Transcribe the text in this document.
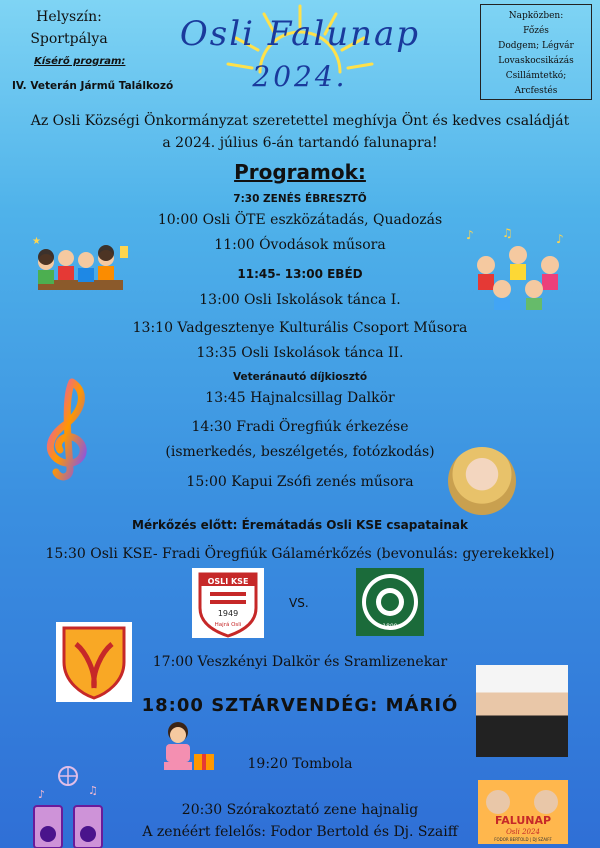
Helyszín:
Sportpálya
Kísérő program:
IV. Veterán Jármű Találkozó
Osli Falunap
2024.
Napközben:
Főzés
Dodgem; Légvár
Lovaskocsikázás
Csillámtetkó;
Arcfestés
Az Osli Községi Önkormányzat szeretettel meghívja Önt és kedves családját
a 2024. július 6-án tartandó falunapra!
Programok:
7:30 ZENÉS ÉBRESZTŐ
10:00 Osli ÖTE eszközátadás, Quadozás
11:00 Óvodások műsora
11:45- 13:00 EBÉD
13:00 Osli Iskolások tánca I.
13:10 Vadgesztenye Kulturális Csoport Műsora
13:35 Osli Iskolások tánca II.
Veteránautó díjkiosztó
13:45 Hajnalcsillag Dalkör
14:30 Fradi Öregfiúk érkezése
(ismerkedés, beszélgetés, fotózkodás)
15:00 Kapui Zsófi zenés műsora
Mérkőzés előtt: Éremátadás Osli KSE csapatainak
15:30 Osli KSE- Fradi Öregfiúk Gálamérkőzés (bevonulás: gyerekekkel)
VS.
17:00 Veszkényi Dalkör és Sramlizenekar
18:00 SZTÁRVENDÉG: MÁRIÓ
19:20 Tombola
20:30 Szórakoztató zene hajnalig
A zenéért felelős: Fodor Bertold és Dj. Szaiff
★	♪ ♫	♪
OSLI KSE
1949
Hajrá Osli	1899
♪	♫
FALUNAP
Osli 2024
FODOR BERTOLD | DJ SZAIFF
